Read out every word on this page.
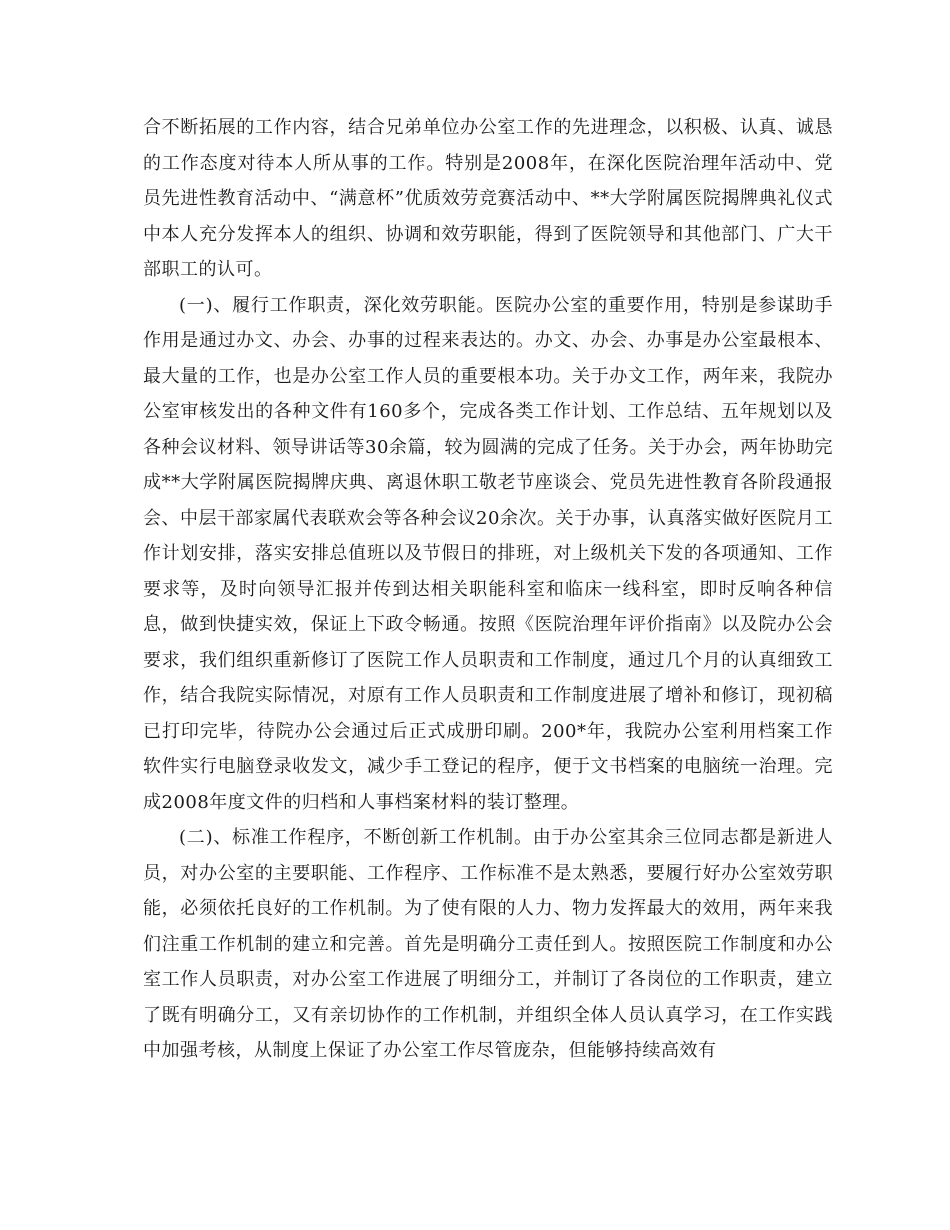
合不断拓展的工作内容，结合兄弟单位办公室工作的先进理念，以积极、认真、诚恳的工作态度对待本人所从事的工作。特别是2008年，在深化医院治理年活动中、党员先进性教育活动中、“满意杯”优质效劳竞赛活动中、**大学附属医院揭牌典礼仪式中本人充分发挥本人的组织、协调和效劳职能，得到了医院领导和其他部门、广大干部职工的认可。

(一)、履行工作职责，深化效劳职能。医院办公室的重要作用，特别是参谋助手作用是通过办文、办会、办事的过程来表达的。办文、办会、办事是办公室最根本、最大量的工作，也是办公室工作人员的重要根本功。关于办文工作，两年来，我院办公室审核发出的各种文件有160多个，完成各类工作计划、工作总结、五年规划以及各种会议材料、领导讲话等30余篇，较为圆满的完成了任务。关于办会，两年协助完成**大学附属医院揭牌庆典、离退休职工敬老节座谈会、党员先进性教育各阶段通报会、中层干部家属代表联欢会等各种会议20余次。关于办事，认真落实做好医院月工作计划安排，落实安排总值班以及节假日的排班，对上级机关下发的各项通知、工作要求等，及时向领导汇报并传到达相关职能科室和临床一线科室，即时反响各种信息，做到快捷实效，保证上下政令畅通。按照《医院治理年评价指南》以及院办公会要求，我们组织重新修订了医院工作人员职责和工作制度，通过几个月的认真细致工作，结合我院实际情况，对原有工作人员职责和工作制度进展了增补和修订，现初稿已打印完毕，待院办公会通过后正式成册印刷。200*年，我院办公室利用档案工作软件实行电脑登录收发文，减少手工登记的程序，便于文书档案的电脑统一治理。完成2008年度文件的归档和人事档案材料的装订整理。

(二)、标准工作程序，不断创新工作机制。由于办公室其余三位同志都是新进人员，对办公室的主要职能、工作程序、工作标准不是太熟悉，要履行好办公室效劳职能，必须依托良好的工作机制。为了使有限的人力、物力发挥最大的效用，两年来我们注重工作机制的建立和完善。首先是明确分工责任到人。按照医院工作制度和办公室工作人员职责，对办公室工作进展了明细分工，并制订了各岗位的工作职责，建立了既有明确分工，又有亲切协作的工作机制，并组织全体人员认真学习，在工作实践中加强考核，从制度上保证了办公室工作尽管庞杂，但能够持续高效有
